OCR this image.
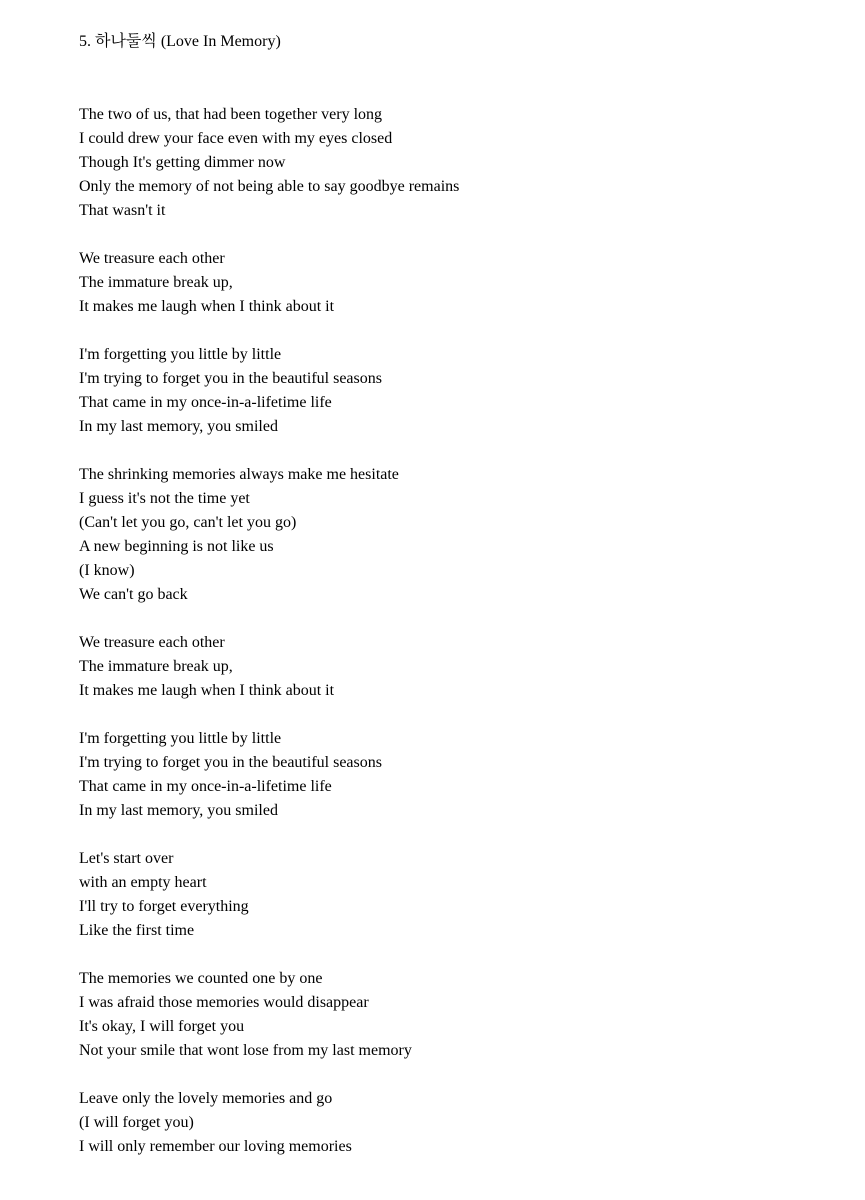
5. 하나둘씩 (Love In Memory)
The two of us, that had been together very long
I could drew your face even with my eyes closed
Though It's getting dimmer now
Only the memory of not being able to say goodbye remains
That wasn't it
We treasure each other
The immature break up,
It makes me laugh when I think about it
I'm forgetting you little by little
I'm trying to forget you in the beautiful seasons
That came in my once-in-a-lifetime life
In my last memory, you smiled
The shrinking memories always make me hesitate
I guess it's not the time yet
(Can't let you go, can't let you go)
A new beginning is not like us
(I know)
We can't go back
We treasure each other
The immature break up,
It makes me laugh when I think about it
I'm forgetting you little by little
I'm trying to forget you in the beautiful seasons
That came in my once-in-a-lifetime life
In my last memory, you smiled
Let's start over
with an empty heart
I'll try to forget everything
Like the first time
The memories we counted one by one
I was afraid those memories would disappear
It's okay, I will forget you
Not your smile that wont lose from my last memory
Leave only the lovely memories and go
(I will forget you)
I will only remember our loving memories
